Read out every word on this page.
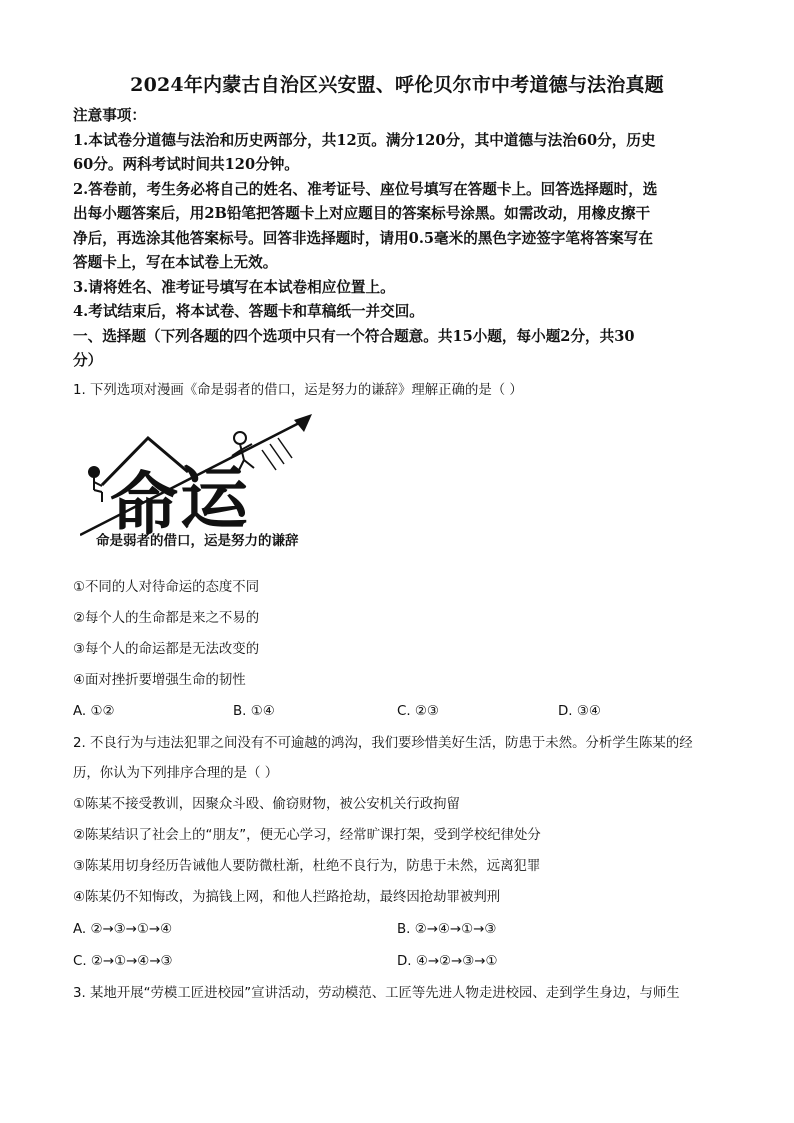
2024年内蒙古自治区兴安盟、呼伦贝尔市中考道德与法治真题

注意事项：

1.本试卷分道德与法治和历史两部分，共12页。满分120分，其中道德与法治60分，历史

60分。两科考试时间共120分钟。

2.答卷前，考生务必将自己的姓名、准考证号、座位号填写在答题卡上。回答选择题时，选

出每小题答案后，用2B铅笔把答题卡上对应题目的答案标号涂黑。如需改动，用橡皮擦干

净后，再选涂其他答案标号。回答非选择题时，请用0.5毫米的黑色字迹签字笔将答案写在

答题卡上，写在本试卷上无效。

3.请将姓名、准考证号填写在本试卷相应位置上。

4.考试结束后，将本试卷、答题卡和草稿纸一并交回。

一、选择题（下列各题的四个选项中只有一个符合题意。共15小题，每小题2分，共30

分）

1. 下列选项对漫画《命是弱者的借口，运是努力的谦辞》理解正确的是（ ）

命 运
命是弱者的借口，运是努力的谦辞

①不同的人对待命运的态度不同

②每个人的生命都是来之不易的

③每个人的命运都是无法改变的

④面对挫折要增强生命的韧性

A. ①②	B. ①④	C. ②③	D. ③④

2. 不良行为与违法犯罪之间没有不可逾越的鸿沟，我们要珍惜美好生活，防患于未然。分析学生陈某的经

历，你认为下列排序合理的是（ ）

①陈某不接受教训，因聚众斗殴、偷窃财物，被公安机关行政拘留

②陈某结识了社会上的“朋友”，便无心学习，经常旷课打架，受到学校纪律处分

③陈某用切身经历告诫他人要防微杜渐，杜绝不良行为，防患于未然，远离犯罪

④陈某仍不知悔改，为搞钱上网，和他人拦路抢劫，最终因抢劫罪被判刑

A. ②→③→①→④	B. ②→④→①→③
C. ②→①→④→③	D. ④→②→③→①

3. 某地开展“劳模工匠进校园”宣讲活动，劳动模范、工匠等先进人物走进校园、走到学生身边，与师生
